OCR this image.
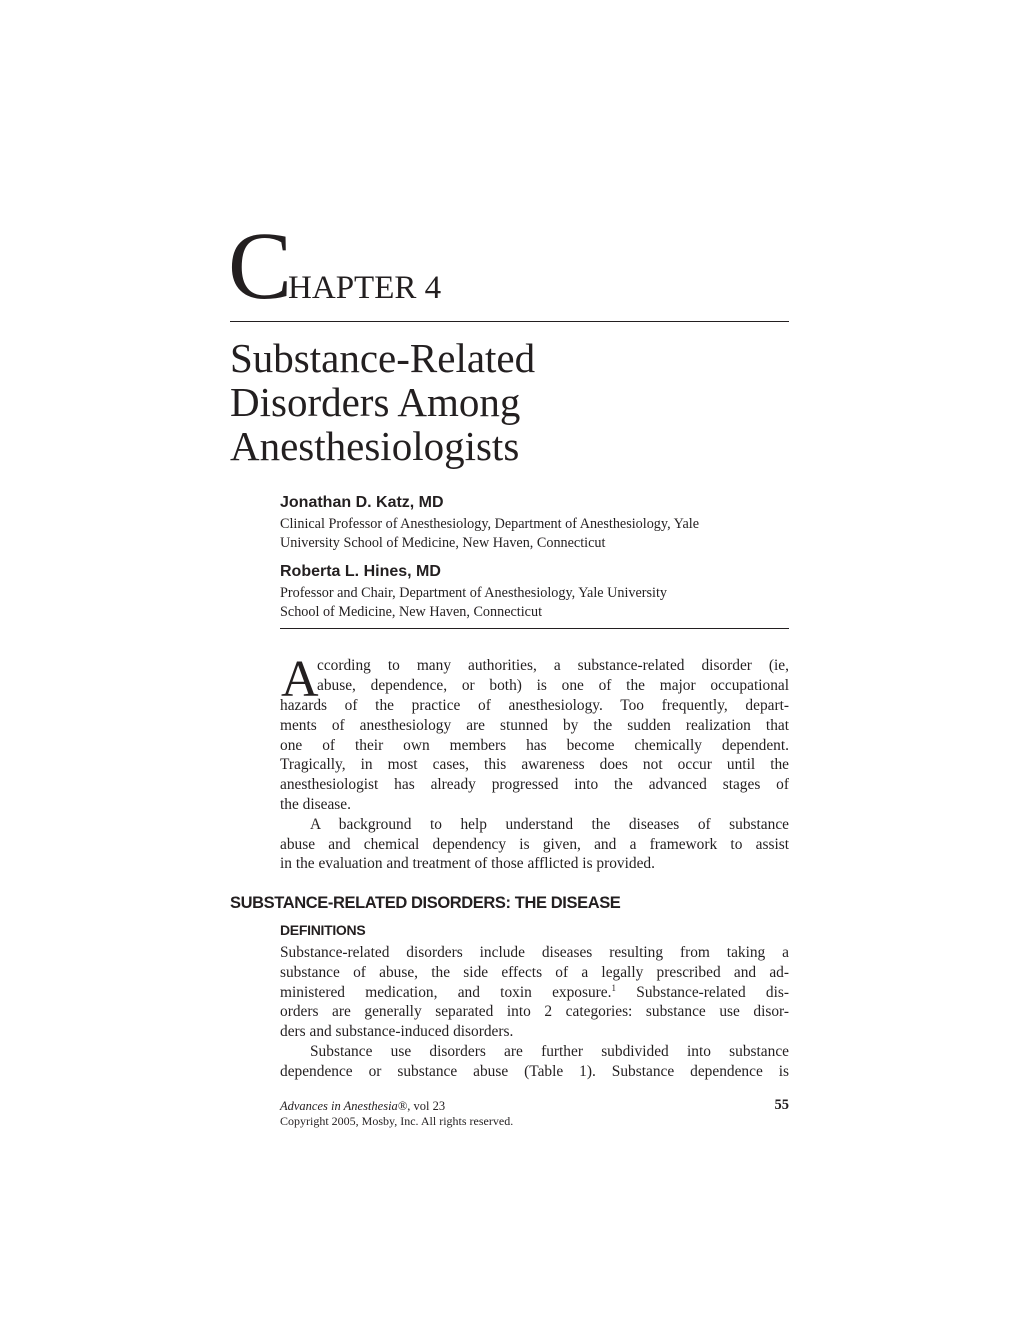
CHAPTER 4
Substance-Related
Disorders Among
Anesthesiologists
Jonathan D. Katz, MD
Clinical Professor of Anesthesiology, Department of Anesthesiology, Yale
University School of Medicine, New Haven, Connecticut
Roberta L. Hines, MD
Professor and Chair, Department of Anesthesiology, Yale University
School of Medicine, New Haven, Connecticut
A
ccording to many authorities, a substance-related disorder (ie,
abuse, dependence, or both) is one of the major occupational
hazards of the practice of anesthesiology. Too frequently, depart-
ments of anesthesiology are stunned by the sudden realization that
one of their own members has become chemically dependent.
Tragically, in most cases, this awareness does not occur until the
anesthesiologist has already progressed into the advanced stages of
the disease.
A background to help understand the diseases of substance
abuse and chemical dependency is given, and a framework to assist
in the evaluation and treatment of those afflicted is provided.
SUBSTANCE-RELATED DISORDERS: THE DISEASE
DEFINITIONS
Substance-related disorders include diseases resulting from taking a
substance of abuse, the side effects of a legally prescribed and ad-
ministered medication, and toxin exposure.$^1$ Substance-related dis-
orders are generally separated into 2 categories: substance use disor-
ders and substance-induced disorders.
Substance use disorders are further subdivided into substance
dependence or substance abuse (Table 1). Substance dependence is
Advances in Anesthesia®, vol 23
Copyright 2005, Mosby, Inc. All rights reserved.
55
